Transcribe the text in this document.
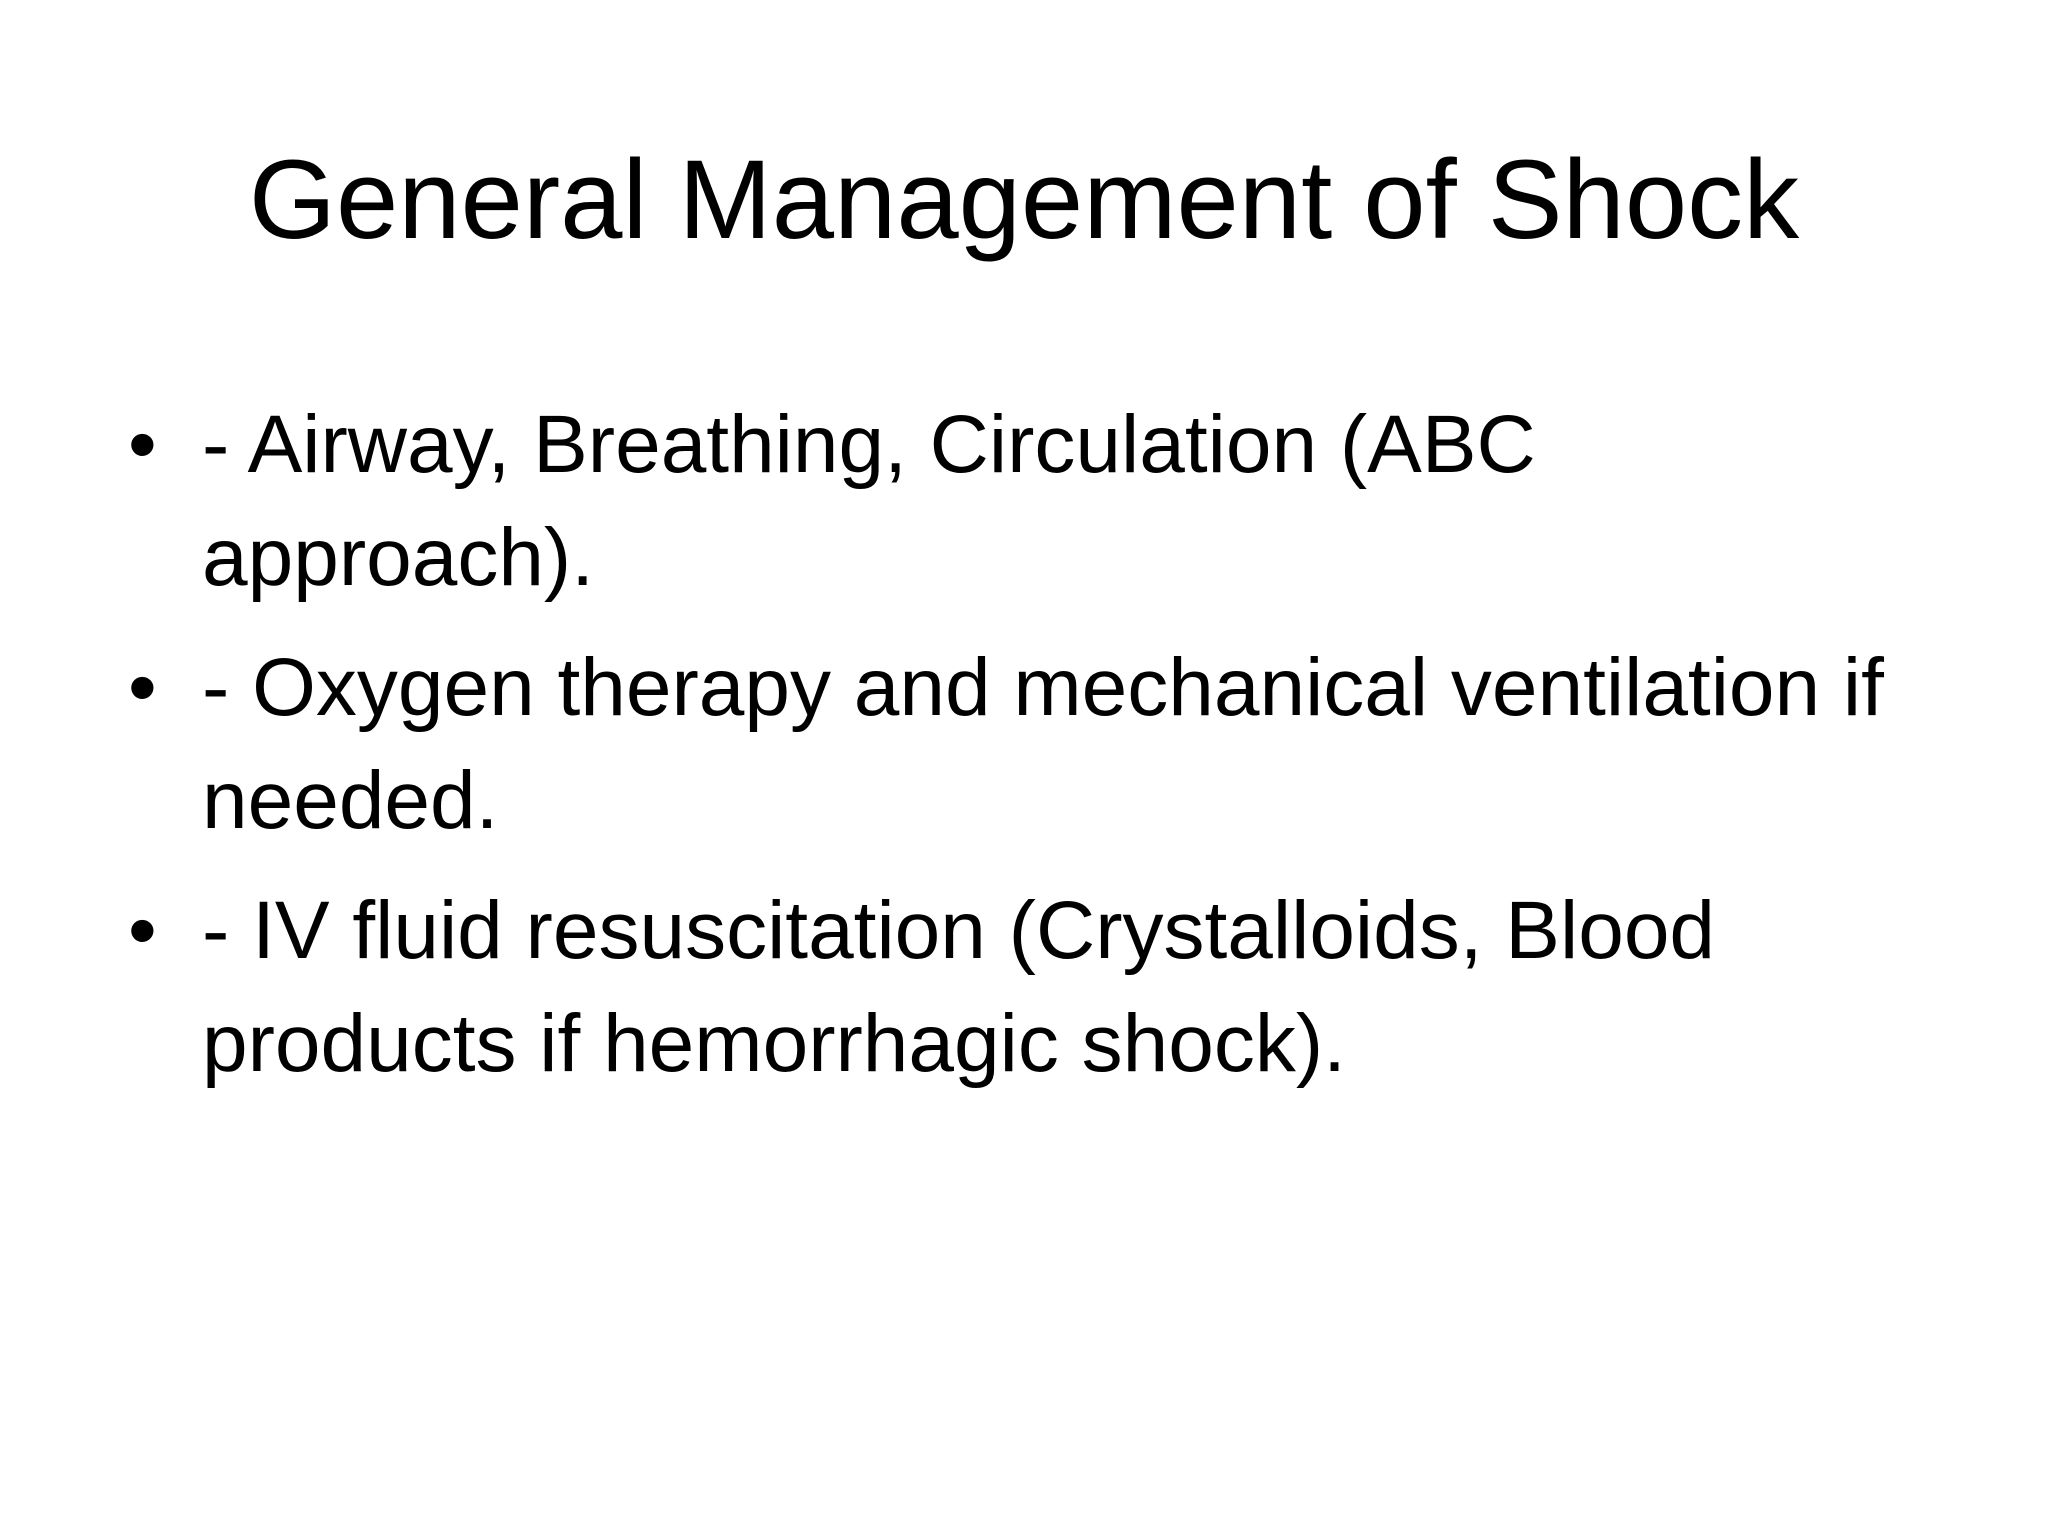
General Management of Shock
• - Airway, Breathing, Circulation (ABC approach).
• - Oxygen therapy and mechanical ventilation if needed.
• - IV fluid resuscitation (Crystalloids, Blood products if hemorrhagic shock).
